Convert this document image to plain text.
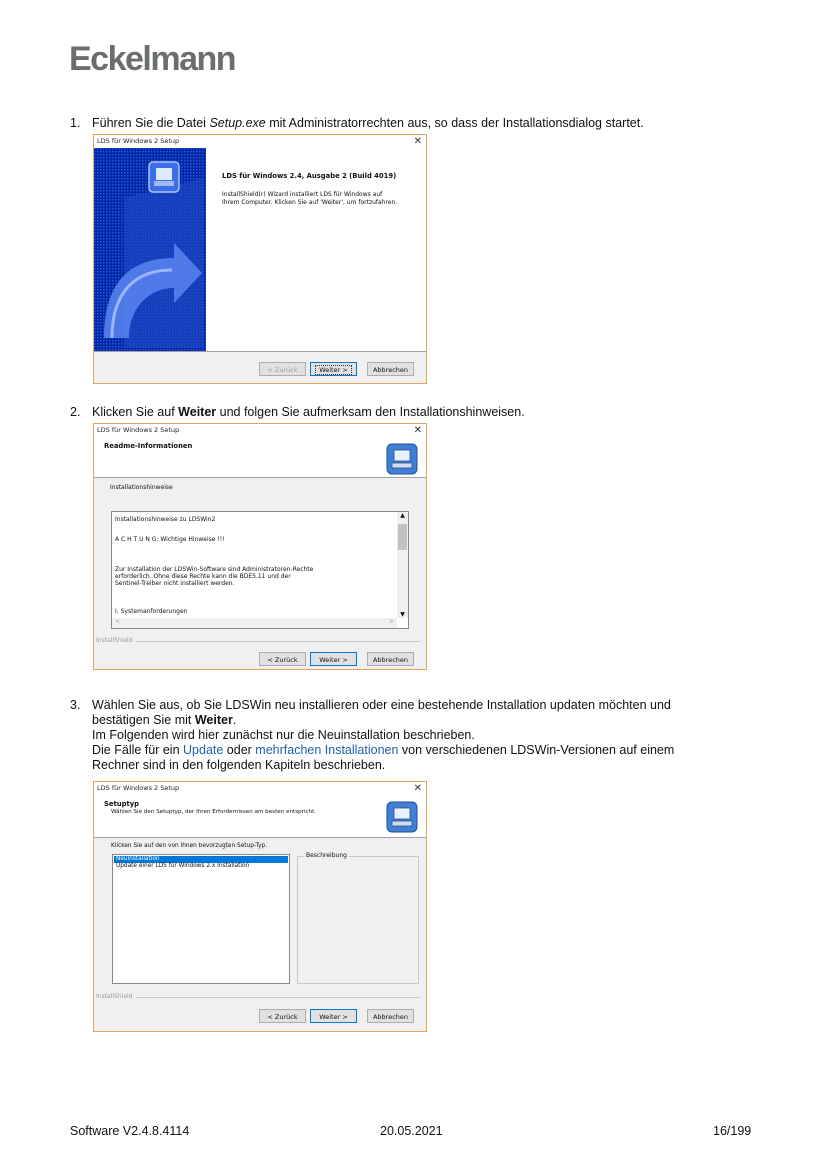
Eckelmann
1. Führen Sie die Datei Setup.exe mit Administratorrechten aus, so dass der Installationsdialog startet.
LDS für Windows 2 Setup	✕
LDS für Windows 2.4, Ausgabe 2 (Build 4019)
InstallShield(r) Wizard installiert LDS für Windows auf
Ihrem Computer. Klicken Sie auf 'Weiter', um fortzufahren.
< Zurück	Weiter >	Abbrechen
2. Klicken Sie auf Weiter und folgen Sie aufmerksam den Installationshinweisen.
LDS für Windows 2 Setup	✕
Readme-Informationen
Installationshinweise
Installationshinweise zu LDSWin2
A C H T U N G: Wichtige Hinweise !!!
Zur Installation der LDSWin-Software sind Administratoren-Rechte
erforderlich. Ohne diese Rechte kann die BDE5.11 und der
Sentinel-Treiber nicht installiert werden.
I. Systemanforderungen
▲
▼
<	>
InstallShield
< Zurück	Weiter >	Abbrechen
3. Wählen Sie aus, ob Sie LDSWin neu installieren oder eine bestehende Installation updaten möchten und
bestätigen Sie mit Weiter.
Im Folgenden wird hier zunächst nur die Neuinstallation beschrieben.
Die Fälle für ein Update oder mehrfachen Installationen von verschiedenen LDSWin-Versionen auf einem
Rechner sind in den folgenden Kapiteln beschrieben.
LDS für Windows 2 Setup	✕
Setuptyp
Wählen Sie den Setuptyp, der Ihren Erfordernissen am besten entspricht.
Klicken Sie auf den von Ihnen bevorzugten Setup-Typ.
Neuinstallation
Update einer LDS für Windows 2.x Installation
Beschreibung
InstallShield
< Zurück	Weiter >	Abbrechen
Software V2.4.8.4114	20.05.2021	16/199
